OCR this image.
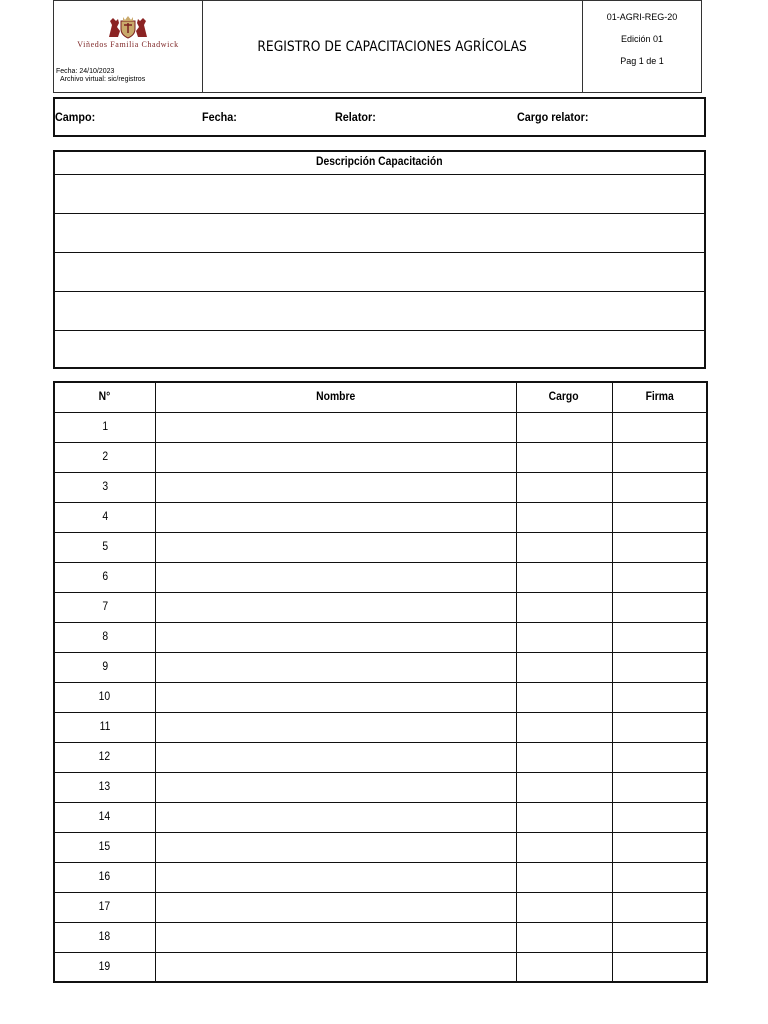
Viñedos Familia Chadwick
Fecha: 24/10/2023
Archivo virtual: sic/registros
REGISTRO DE CAPACITACIONES AGRÍCOLAS
01-AGRI-REG-20
Edición 01
Pag 1 de 1
Campo:	Fecha:	Relator:	Cargo relator:
Descripción Capacitación
N°	Nombre	Cargo	Firma
1			
2			
3			
4			
5			
6			
7			
8			
9			
10			
11			
12			
13			
14			
15			
16			
17			
18			
19			
